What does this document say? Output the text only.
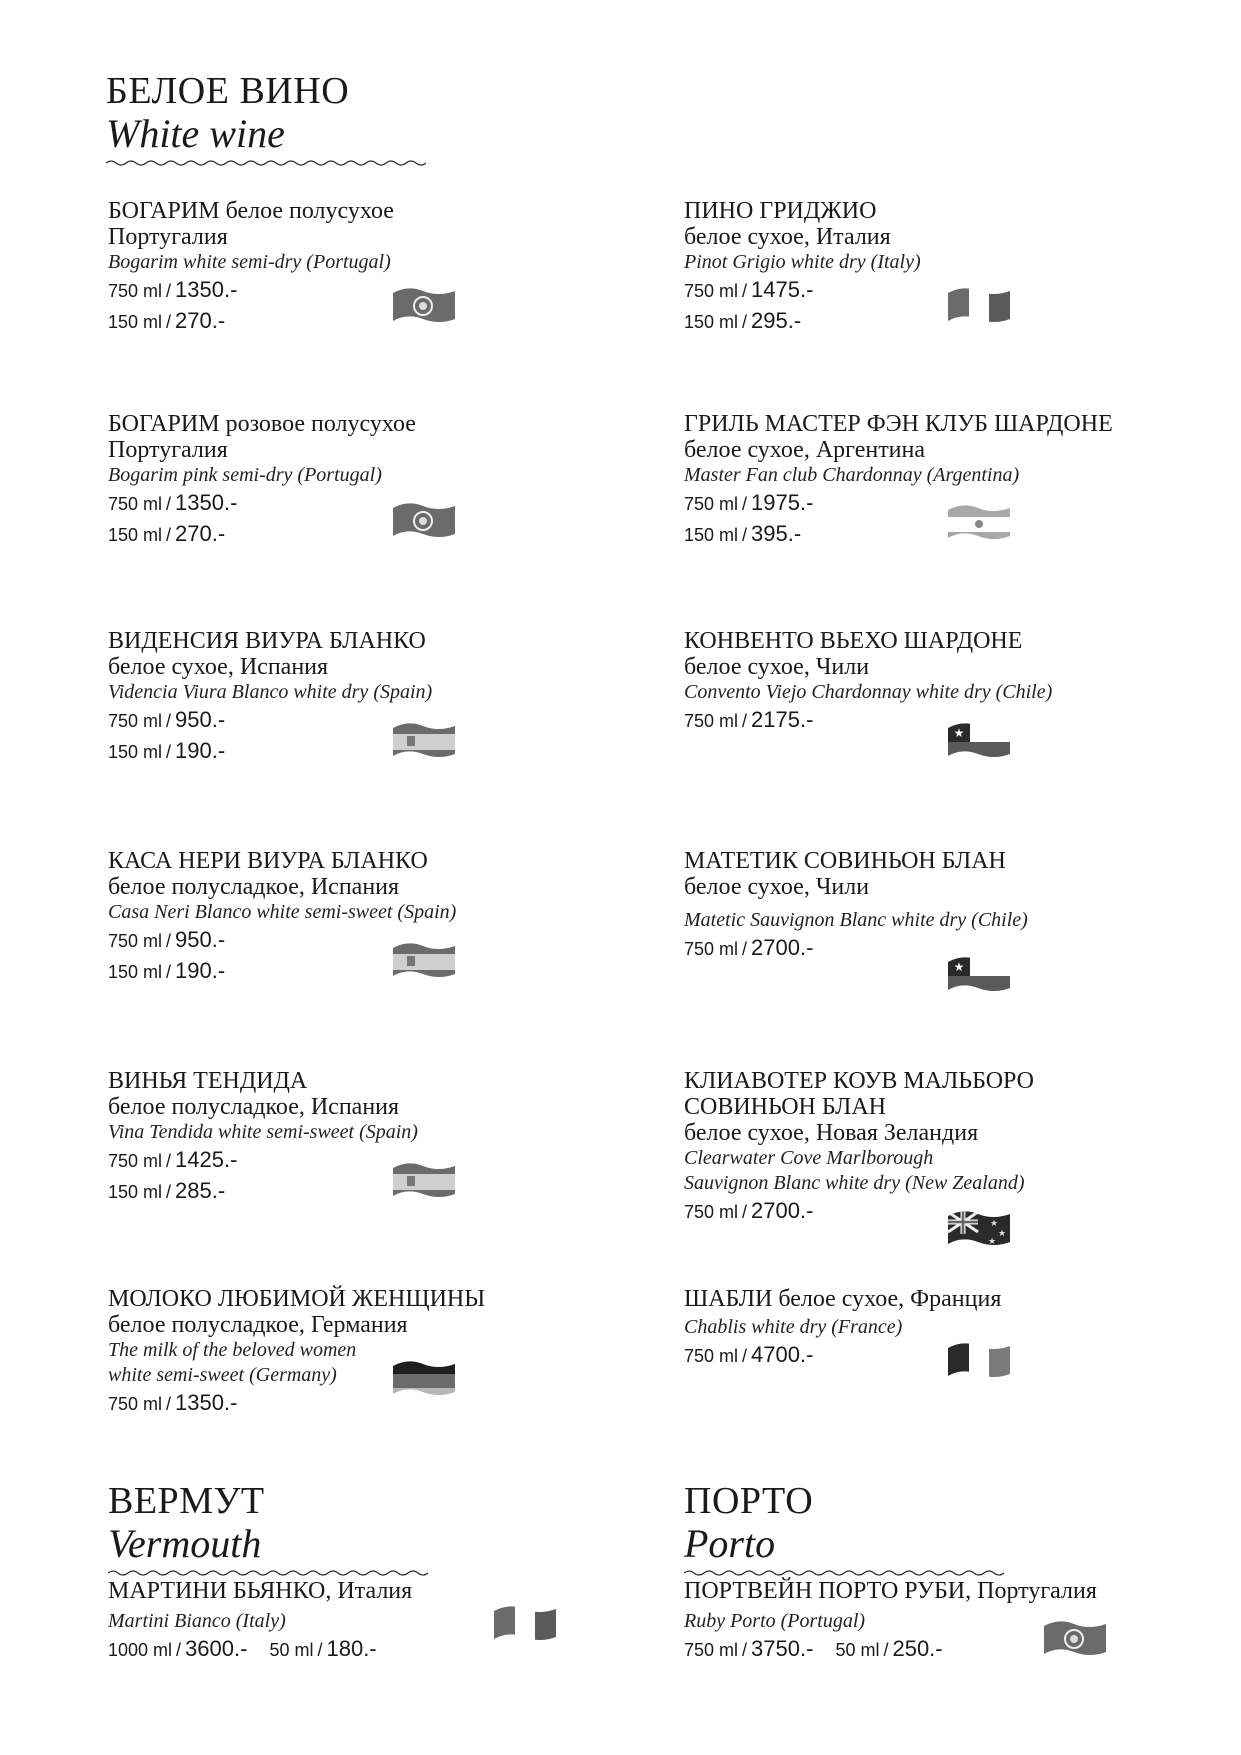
БЕЛОЕ ВИНО
White wine
БОГАРИМ белое полусухое
Португалия
Bogarim white semi-dry (Portugal)
750 ml / 1350.-
150 ml / 270.-
БОГАРИМ розовое полусухое
Португалия
Bogarim pink semi-dry (Portugal)
750 ml / 1350.-
150 ml / 270.-
ВИДЕНСИЯ ВИУРА БЛАНКО
белое сухое, Испания
Videncia Viura Blanco white dry (Spain)
750 ml / 950.-
150 ml / 190.-
КАСА НЕРИ ВИУРА БЛАНКО
белое полусладкое, Испания
Casa Neri Blanco white semi-sweet (Spain)
750 ml / 950.-
150 ml / 190.-
ВИНЬЯ ТЕНДИДА
белое полусладкое, Испания
Vina Tendida white semi-sweet (Spain)
750 ml / 1425.-
150 ml / 285.-
МОЛОКО ЛЮБИМОЙ ЖЕНЩИНЫ
белое полусладкое, Германия
The milk of the beloved women
white semi-sweet (Germany)
750 ml / 1350.-
ПИНО ГРИДЖИО
белое сухое, Италия
Pinot Grigio white dry (Italy)
750 ml / 1475.-
150 ml / 295.-
ГРИЛЬ МАСТЕР ФЭН КЛУБ ШАРДОНЕ
белое сухое, Аргентина
Master Fan club Chardonnay (Argentina)
750 ml / 1975.-
150 ml / 395.-
КОНВЕНТО ВЬЕХО ШАРДОНЕ
белое сухое, Чили
Convento Viejo Chardonnay white dry (Chile)
750 ml / 2175.-
★
МАТЕТИК СОВИНЬОН БЛАН
белое сухое, Чили
Matetic Sauvignon Blanc white dry (Chile)
750 ml / 2700.-
★
КЛИАВОТЕР КОУВ МАЛЬБОРО
СОВИНЬОН БЛАН
белое сухое, Новая Зеландия
Clearwater Cove Marlborough
Sauvignon Blanc white dry (New Zealand)
750 ml / 2700.-
★
★
★
ШАБЛИ белое сухое, Франция
Chablis white dry (France)
750 ml / 4700.-
ВЕРМУТ
Vermouth
МАРТИНИ БЬЯНКО, Италия
Martini Bianco (Italy)
1000 ml / 3600.- 50 ml / 180.-
ПОРТО
Porto
ПОРТВЕЙН ПОРТО РУБИ, Португалия
Ruby Porto (Portugal)
750 ml / 3750.- 50 ml / 250.-
